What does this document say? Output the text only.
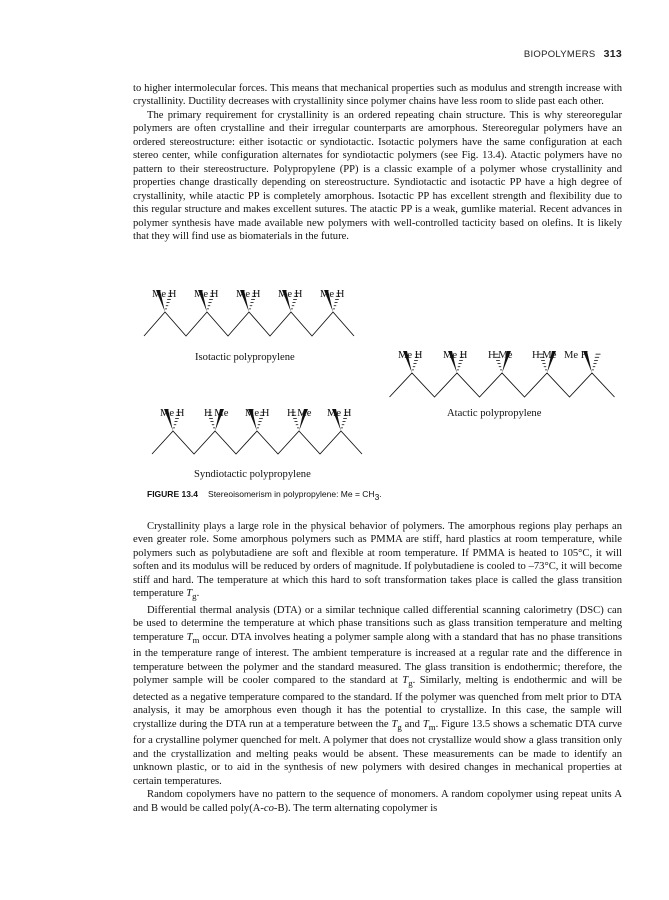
BIOPOLYMERS 313

to higher intermolecular forces. This means that mechanical properties such as modulus and strength increase with crystallinity. Ductility decreases with crystallinity since polymer chains have less room to slide past each other.

The primary requirement for crystallinity is an ordered repeating chain structure. This is why stereoregular polymers are often crystalline and their irregular counterparts are amorphous. Stereoregular polymers have an ordered stereostructure: either isotactic or syndiotactic. Isotactic polymers have the same configuration at each stereo center, while configuration alternates for syndiotactic polymers (see Fig. 13.4). Atactic polymers have no pattern to their stereostructure. Polypropylene (PP) is a classic example of a polymer whose crystallinity and properties change drastically depending on stereostructure. Syndiotactic and isotactic PP have a high degree of crystallinity, while atactic PP is completely amorphous. Isotactic PP has excellent strength and flexibility due to this regular structure and makes excellent sutures. The atactic PP is a weak, gumlike material. Recent advances in polymer synthesis have made available new polymers with well-controlled tacticity based on olefins. It is likely that they will find use as biomaterials in the future.

Me H Me H Me H Me H Me H
Isotactic polypropylene	Me H Me H H Me H Me Me H
Atactic polypropylene
Me H H Me Me H H Me Me H
Syndiotactic polypropylene
FIGURE 13.4 Stereoisomerism in polypropylene: $Me = CH_3$.

Crystallinity plays a large role in the physical behavior of polymers. The amorphous regions play perhaps an even greater role. Some amorphous polymers such as PMMA are stiff, hard plastics at room temperature, while polymers such as polybutadiene are soft and flexible at room temperature. If PMMA is heated to 105°C, it will soften and its modulus will be reduced by orders of magnitude. If polybutadiene is cooled to –73°C, it will become stiff and hard. The temperature at which this hard to soft transformation takes place is called the glass transition temperature $T_g$.

Differential thermal analysis (DTA) or a similar technique called differential scanning calorimetry (DSC) can be used to determine the temperature at which phase transitions such as glass transition temperature and melting temperature $T_m$ occur. DTA involves heating a polymer sample along with a standard that has no phase transitions in the temperature range of interest. The ambient temperature is increased at a regular rate and the difference in temperature between the polymer and the standard measured. The glass transition is endothermic; therefore, the polymer sample will be cooler compared to the standard at $T_g$. Similarly, melting is endothermic and will be detected as a negative temperature compared to the standard. If the polymer was quenched from melt prior to DTA analysis, it may be amorphous even though it has the potential to crystallize. In this case, the sample will crystallize during the DTA run at a temperature between the $T_g$ and $T_m$. Figure 13.5 shows a schematic DTA curve for a crystalline polymer quenched for melt. A polymer that does not crystallize would show a glass transition only and the crystallization and melting peaks would be absent. These measurements can be made to identify an unknown plastic, or to aid in the synthesis of new polymers with desired changes in mechanical properties at certain temperatures.

Random copolymers have no pattern to the sequence of monomers. A random copolymer using repeat units A and B would be called poly(A-co-B). The term alternating copolymer is
